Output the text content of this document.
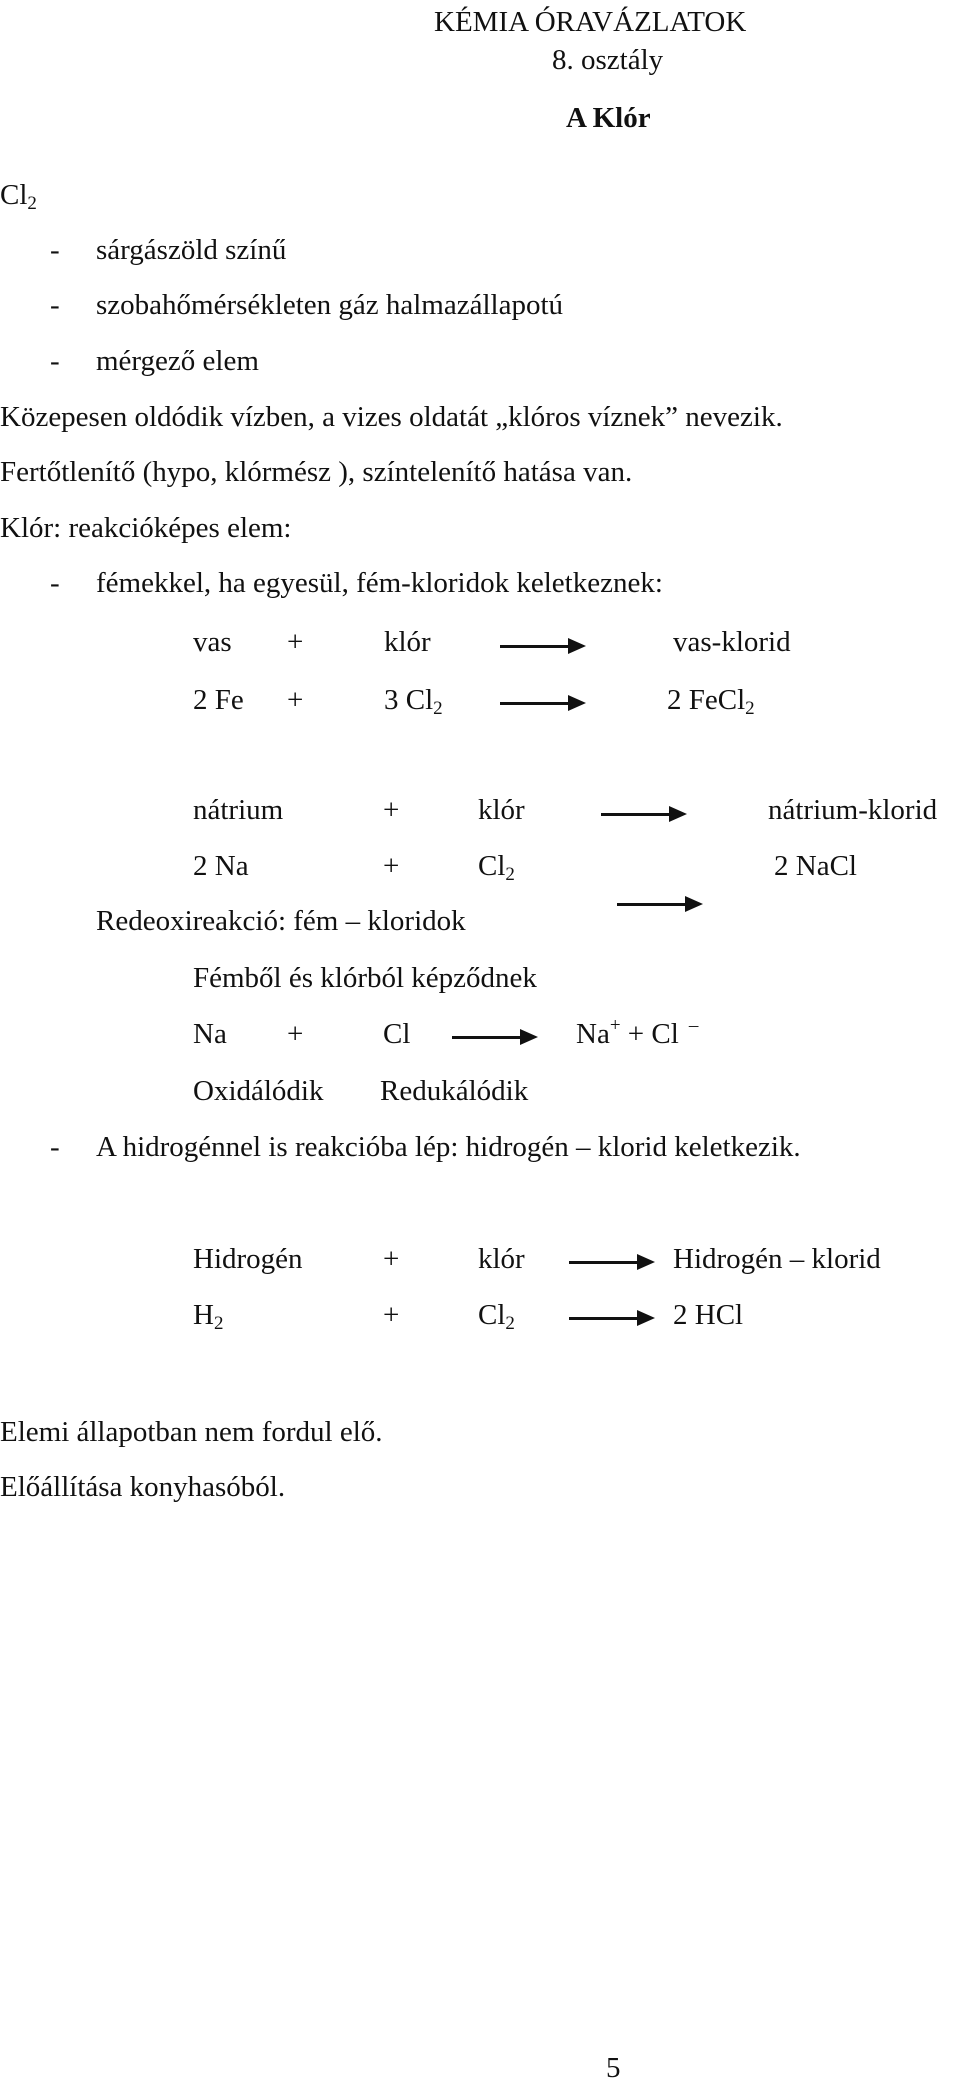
KÉMIA ÓRAVÁZLATOK
8. osztály
A Klór
$Cl_2$
- sárgászöld színű
- szobahőmérsékleten gáz halmazállapotú
- mérgező elem
Közepesen oldódik vízben, a vizes oldatát „klóros víznek” nevezik.
Fertőtlenítő (hypo, klórmész ), színtelenítő hatása van.
Klór: reakcióképes elem:
- fémekkel, ha egyesül, fém-kloridok keletkeznek:
vas +	klór	vas-klorid
2 Fe +	3 $Cl_2$	2 FeCl$_2$
nátrium	+	klór	nátrium-klorid
2 Na	+	$Cl_2$	2 NaCl
Redeoxireakció: fém – kloridok
Fémből és klórból képződnek
Na +	Cl	Na+ + Cl –
Oxidálódik Redukálódik
- A hidrogénnel is reakcióba lép: hidrogén – klorid keletkezik.
Hidrogén	+	klór	Hidrogén – klorid
$H_2$	+	$Cl_2$	2 HCl
Elemi állapotban nem fordul elő.
Előállítása konyhasóból.
5
